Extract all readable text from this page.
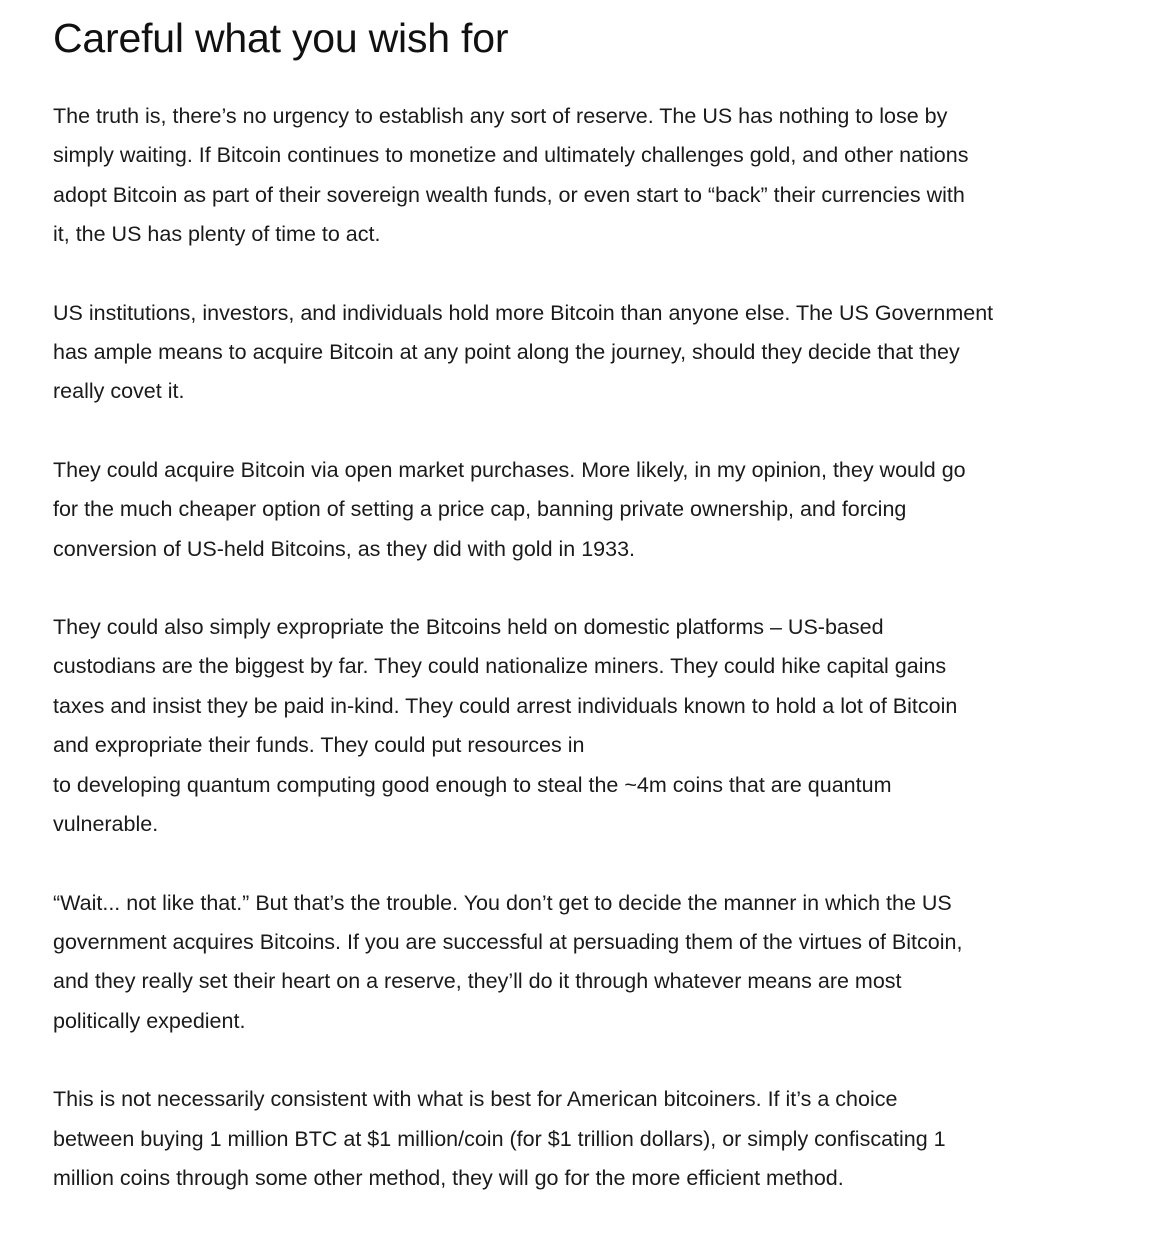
Careful what you wish for

The truth is, there’s no urgency to establish any sort of reserve. The US has nothing to lose by
simply waiting. If Bitcoin continues to monetize and ultimately challenges gold, and other nations
adopt Bitcoin as part of their sovereign wealth funds, or even start to “back” their currencies with
it, the US has plenty of time to act.

US institutions, investors, and individuals hold more Bitcoin than anyone else. The US Government
has ample means to acquire Bitcoin at any point along the journey, should they decide that they
really covet it.

They could acquire Bitcoin via open market purchases. More likely, in my opinion, they would go
for the much cheaper option of setting a price cap, banning private ownership, and forcing
conversion of US-held Bitcoins, as they did with gold in 1933.

They could also simply expropriate the Bitcoins held on domestic platforms – US-based
custodians are the biggest by far. They could nationalize miners. They could hike capital gains
taxes and insist they be paid in-kind. They could arrest individuals known to hold a lot of Bitcoin
and expropriate their funds. They could put resources in
to developing quantum computing good enough to steal the ~4m coins that are quantum
vulnerable.

“Wait... not like that.” But that’s the trouble. You don’t get to decide the manner in which the US
government acquires Bitcoins. If you are successful at persuading them of the virtues of Bitcoin,
and they really set their heart on a reserve, they’ll do it through whatever means are most
politically expedient.

This is not necessarily consistent with what is best for American bitcoiners. If it’s a choice
between buying 1 million BTC at $1 million/coin (for $1 trillion dollars), or simply confiscating 1
million coins through some other method, they will go for the more efficient method.
